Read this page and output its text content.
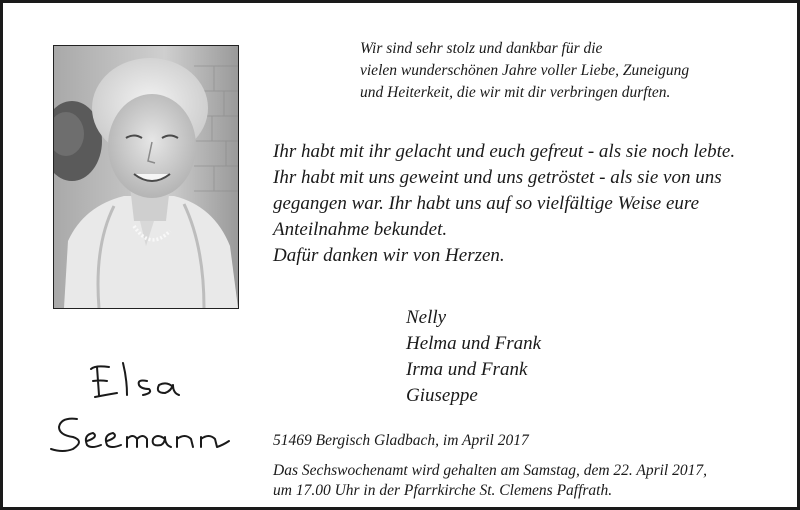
Wir sind sehr stolz und dankbar für die
vielen wunderschönen Jahre voller Liebe, Zuneigung
und Heiterkeit, die wir mit dir verbringen durften.
Ihr habt mit ihr gelacht und euch gefreut - als sie noch lebte.
Ihr habt mit uns geweint und uns getröstet - als sie von uns
gegangen war. Ihr habt uns auf so vielfältige Weise eure
Anteilnahme bekundet.
Dafür danken wir von Herzen.
Nelly
Helma und Frank
Irma und Frank
Giuseppe
51469 Bergisch Gladbach, im April 2017
Das Sechswochenamt wird gehalten am Samstag, dem 22. April 2017,
um 17.00 Uhr in der Pfarrkirche St. Clemens Paffrath.
